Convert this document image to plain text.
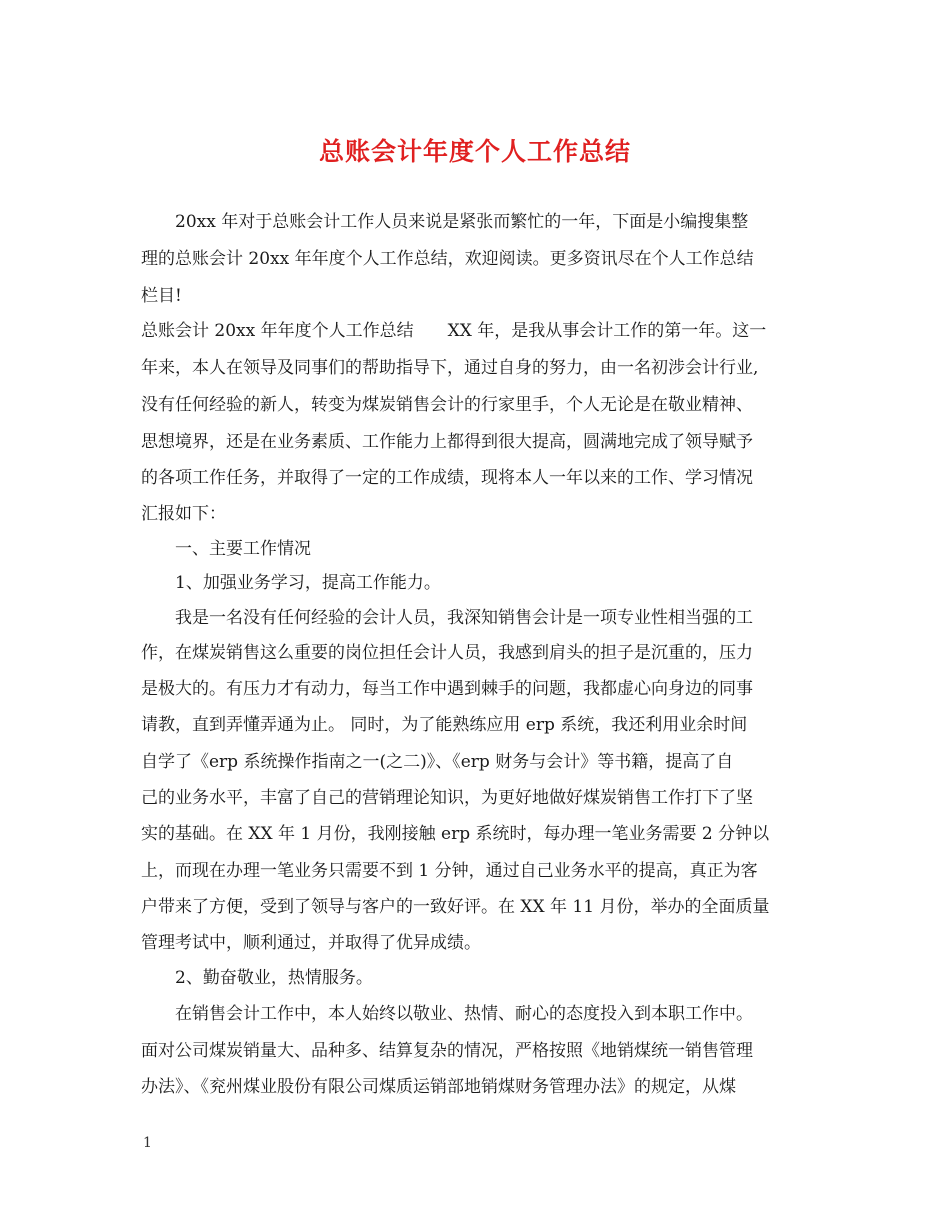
总账会计年度个人工作总结
20xx 年对于总账会计工作人员来说是紧张而繁忙的一年，下面是小编搜集整
理的总账会计 20xx 年年度个人工作总结，欢迎阅读。更多资讯尽在个人工作总结
栏目!
总账会计 20xx 年年度个人工作总结　　XX 年，是我从事会计工作的第一年。这一
年来，本人在领导及同事们的帮助指导下，通过自身的努力，由一名初涉会计行业,
没有任何经验的新人，转变为煤炭销售会计的行家里手，个人无论是在敬业精神、
思想境界，还是在业务素质、工作能力上都得到很大提高，圆满地完成了领导赋予
的各项工作任务，并取得了一定的工作成绩，现将本人一年以来的工作、学习情况
汇报如下：
一、主要工作情况
1、加强业务学习，提高工作能力。
我是一名没有任何经验的会计人员，我深知销售会计是一项专业性相当强的工
作，在煤炭销售这么重要的岗位担任会计人员，我感到肩头的担子是沉重的，压力
是极大的。有压力才有动力，每当工作中遇到棘手的问题，我都虚心向身边的同事
请教，直到弄懂弄通为止。 同时，为了能熟练应用 erp 系统，我还利用业余时间
自学了《erp 系统操作指南之一(之二)》、《erp 财务与会计》等书籍，提高了自
己的业务水平，丰富了自己的营销理论知识，为更好地做好煤炭销售工作打下了坚
实的基础。在 XX 年 1 月份，我刚接触 erp 系统时，每办理一笔业务需要 2 分钟以
上，而现在办理一笔业务只需要不到 1 分钟，通过自己业务水平的提高，真正为客
户带来了方便，受到了领导与客户的一致好评。在 XX 年 11 月份，举办的全面质量
管理考试中，顺利通过，并取得了优异成绩。
2、勤奋敬业，热情服务。
在销售会计工作中，本人始终以敬业、热情、耐心的态度投入到本职工作中。
面对公司煤炭销量大、品种多、结算复杂的情况，严格按照《地销煤统一销售管理
办法》、《兖州煤业股份有限公司煤质运销部地销煤财务管理办法》的规定，从煤
1
